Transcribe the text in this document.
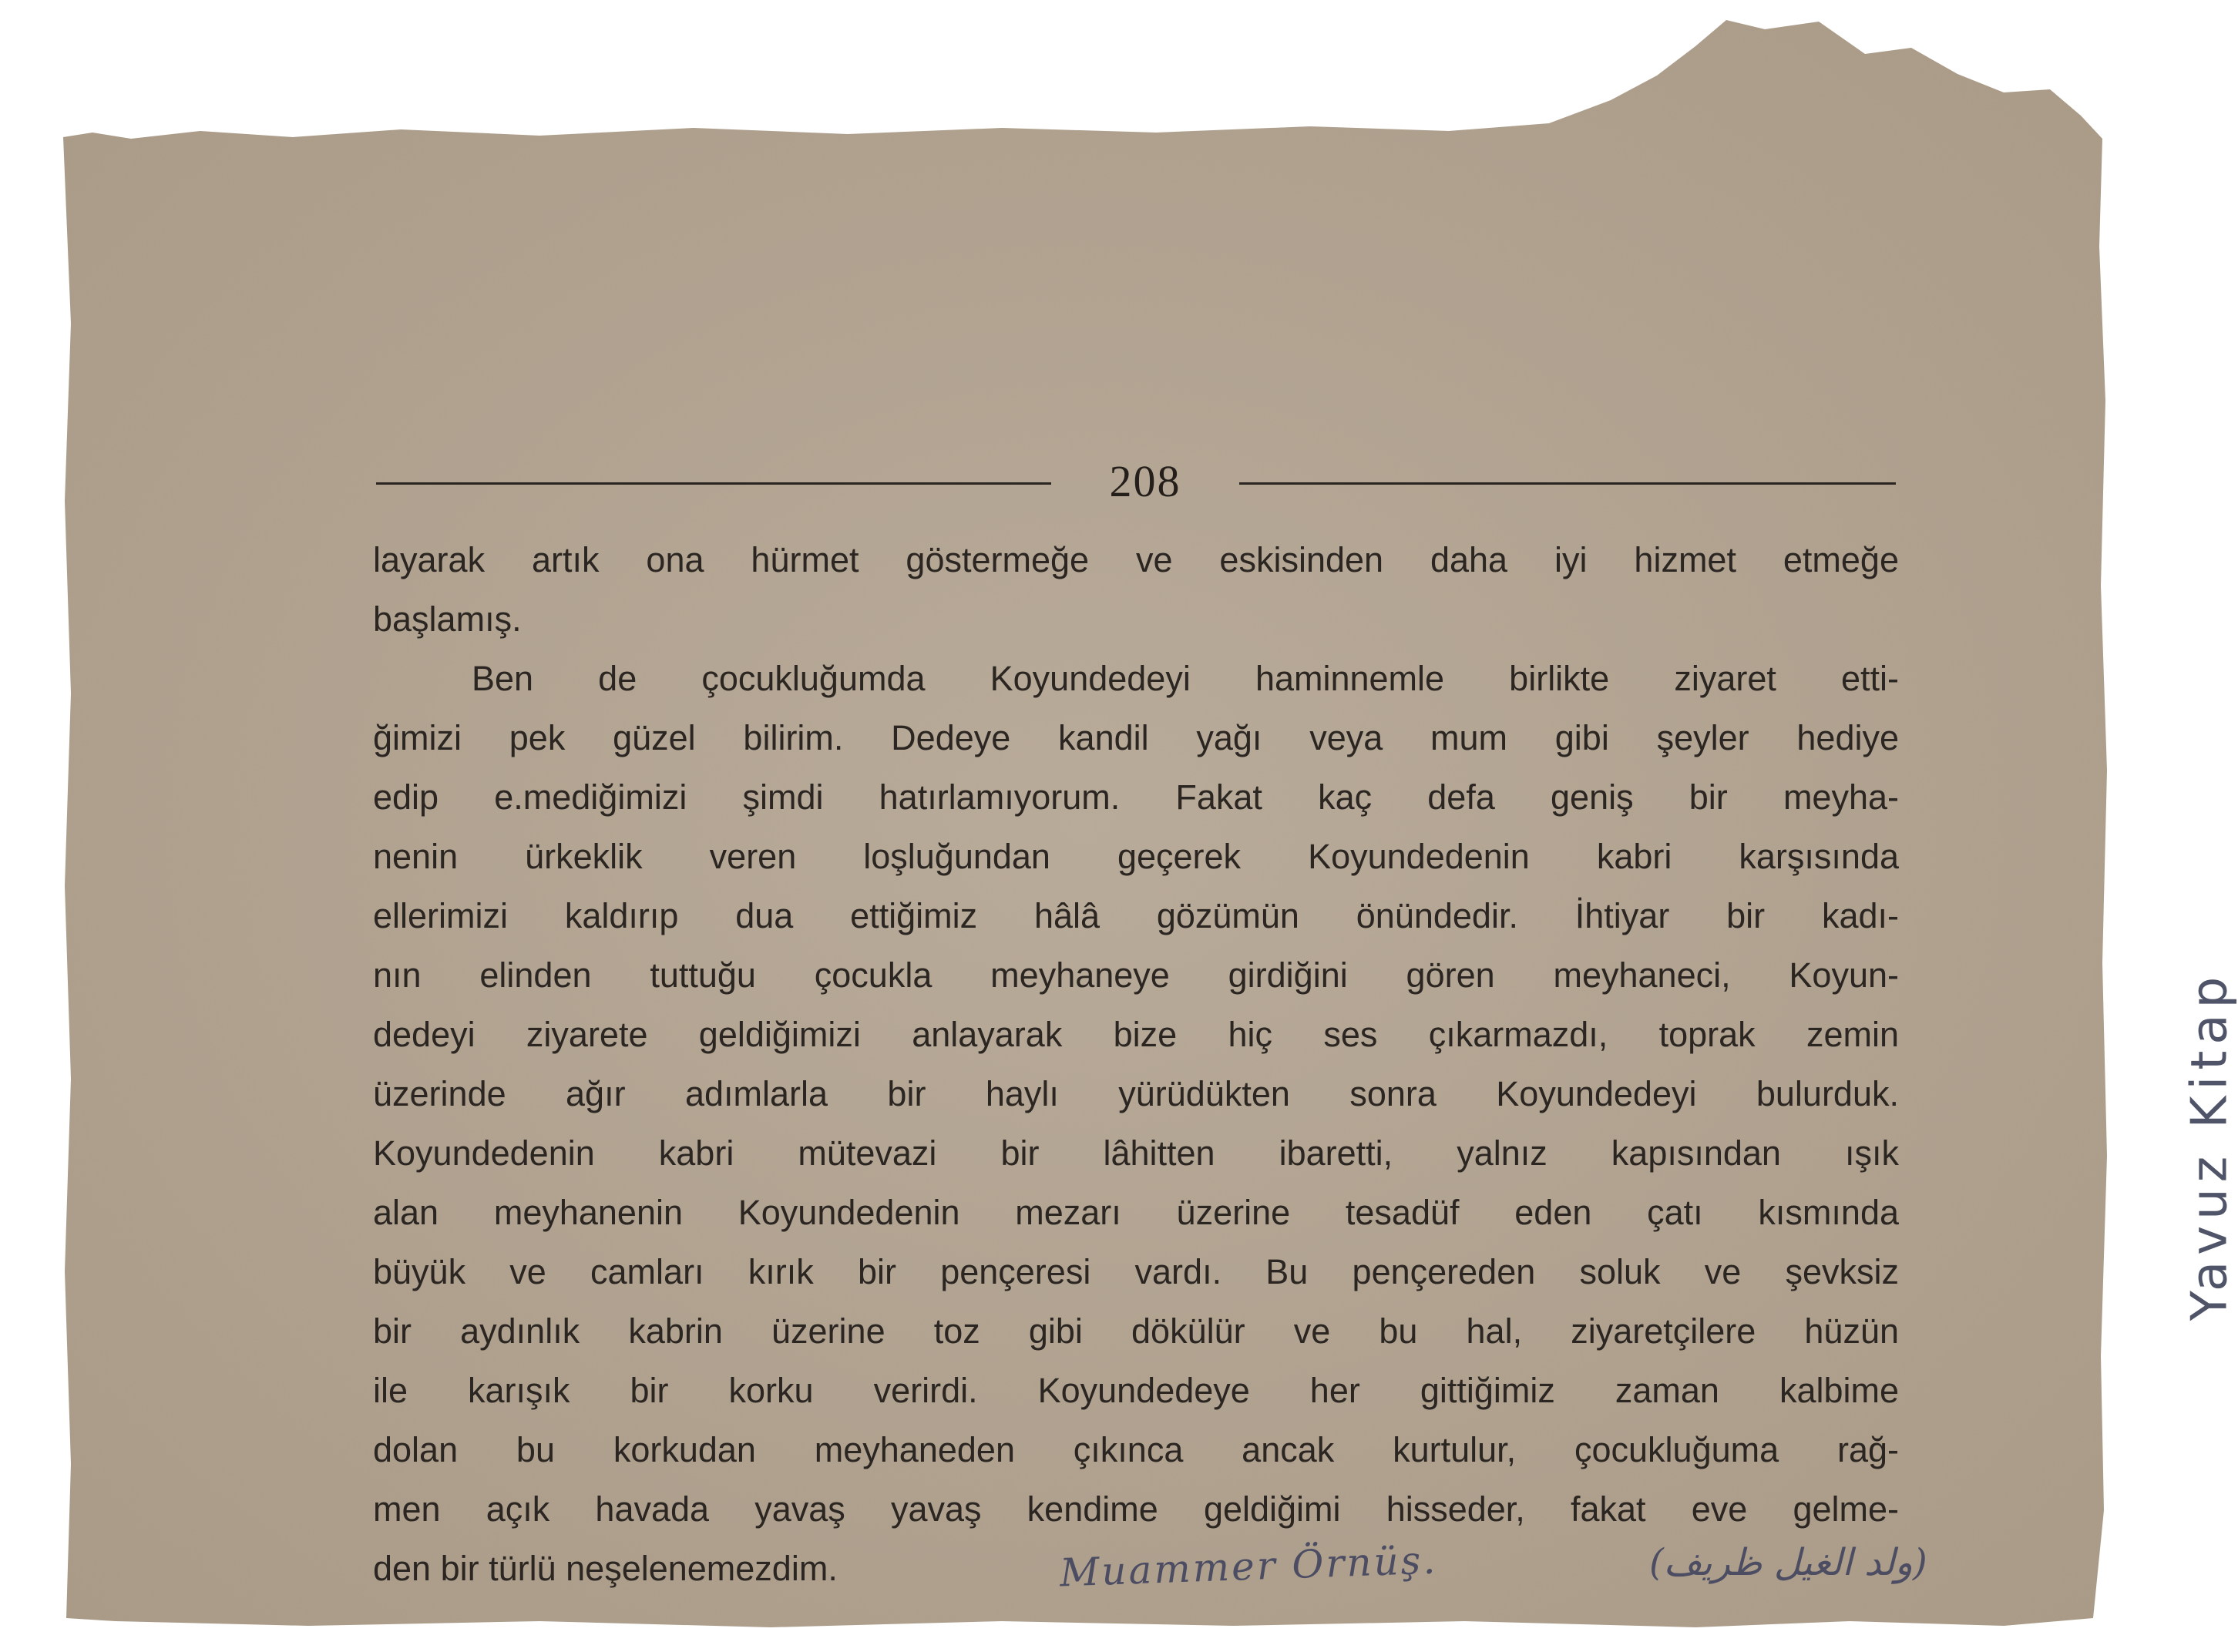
208
layarak artık ona hürmet göstermeğe ve eskisinden daha iyi hizmet etmeğe
başlamış.
Ben de çocukluğumda Koyundedeyi haminnemle birlikte ziyaret etti-
ğimizi pek güzel bilirim. Dedeye kandil yağı veya mum gibi şeyler hediye
edip e.mediğimizi şimdi hatırlamıyorum. Fakat kaç defa geniş bir meyha-
nenin ürkeklik veren loşluğundan geçerek Koyundedenin kabri karşısında
ellerimizi kaldırıp dua ettiğimiz hâlâ gözümün önündedir. İhtiyar bir kadı-
nın elinden tuttuğu çocukla meyhaneye girdiğini gören meyhaneci, Koyun-
dedeyi ziyarete geldiğimizi anlayarak bize hiç ses çıkarmazdı, toprak zemin
üzerinde ağır adımlarla bir haylı yürüdükten sonra Koyundedeyi bulurduk.
Koyundedenin kabri mütevazi bir lâhitten ibaretti, yalnız kapısından ışık
alan meyhanenin Koyundedenin mezarı üzerine tesadüf eden çatı kısmında
büyük ve camları kırık bir pençeresi vardı. Bu pençereden soluk ve şevksiz
bir aydınlık kabrin üzerine toz gibi dökülür ve bu hal, ziyaretçilere hüzün
ile karışık bir korku verirdi. Koyundedeye her gittiğimiz zaman kalbime
dolan bu korkudan meyhaneden çıkınca ancak kurtulur, çocukluğuma rağ-
men açık havada yavaş yavaş kendime geldiğimi hisseder, fakat eve gelme-
den bir türlü neşelenemezdim.	Muammer Örnüş.	(ولد الغيل ظريف)
Yavuz Kitap
